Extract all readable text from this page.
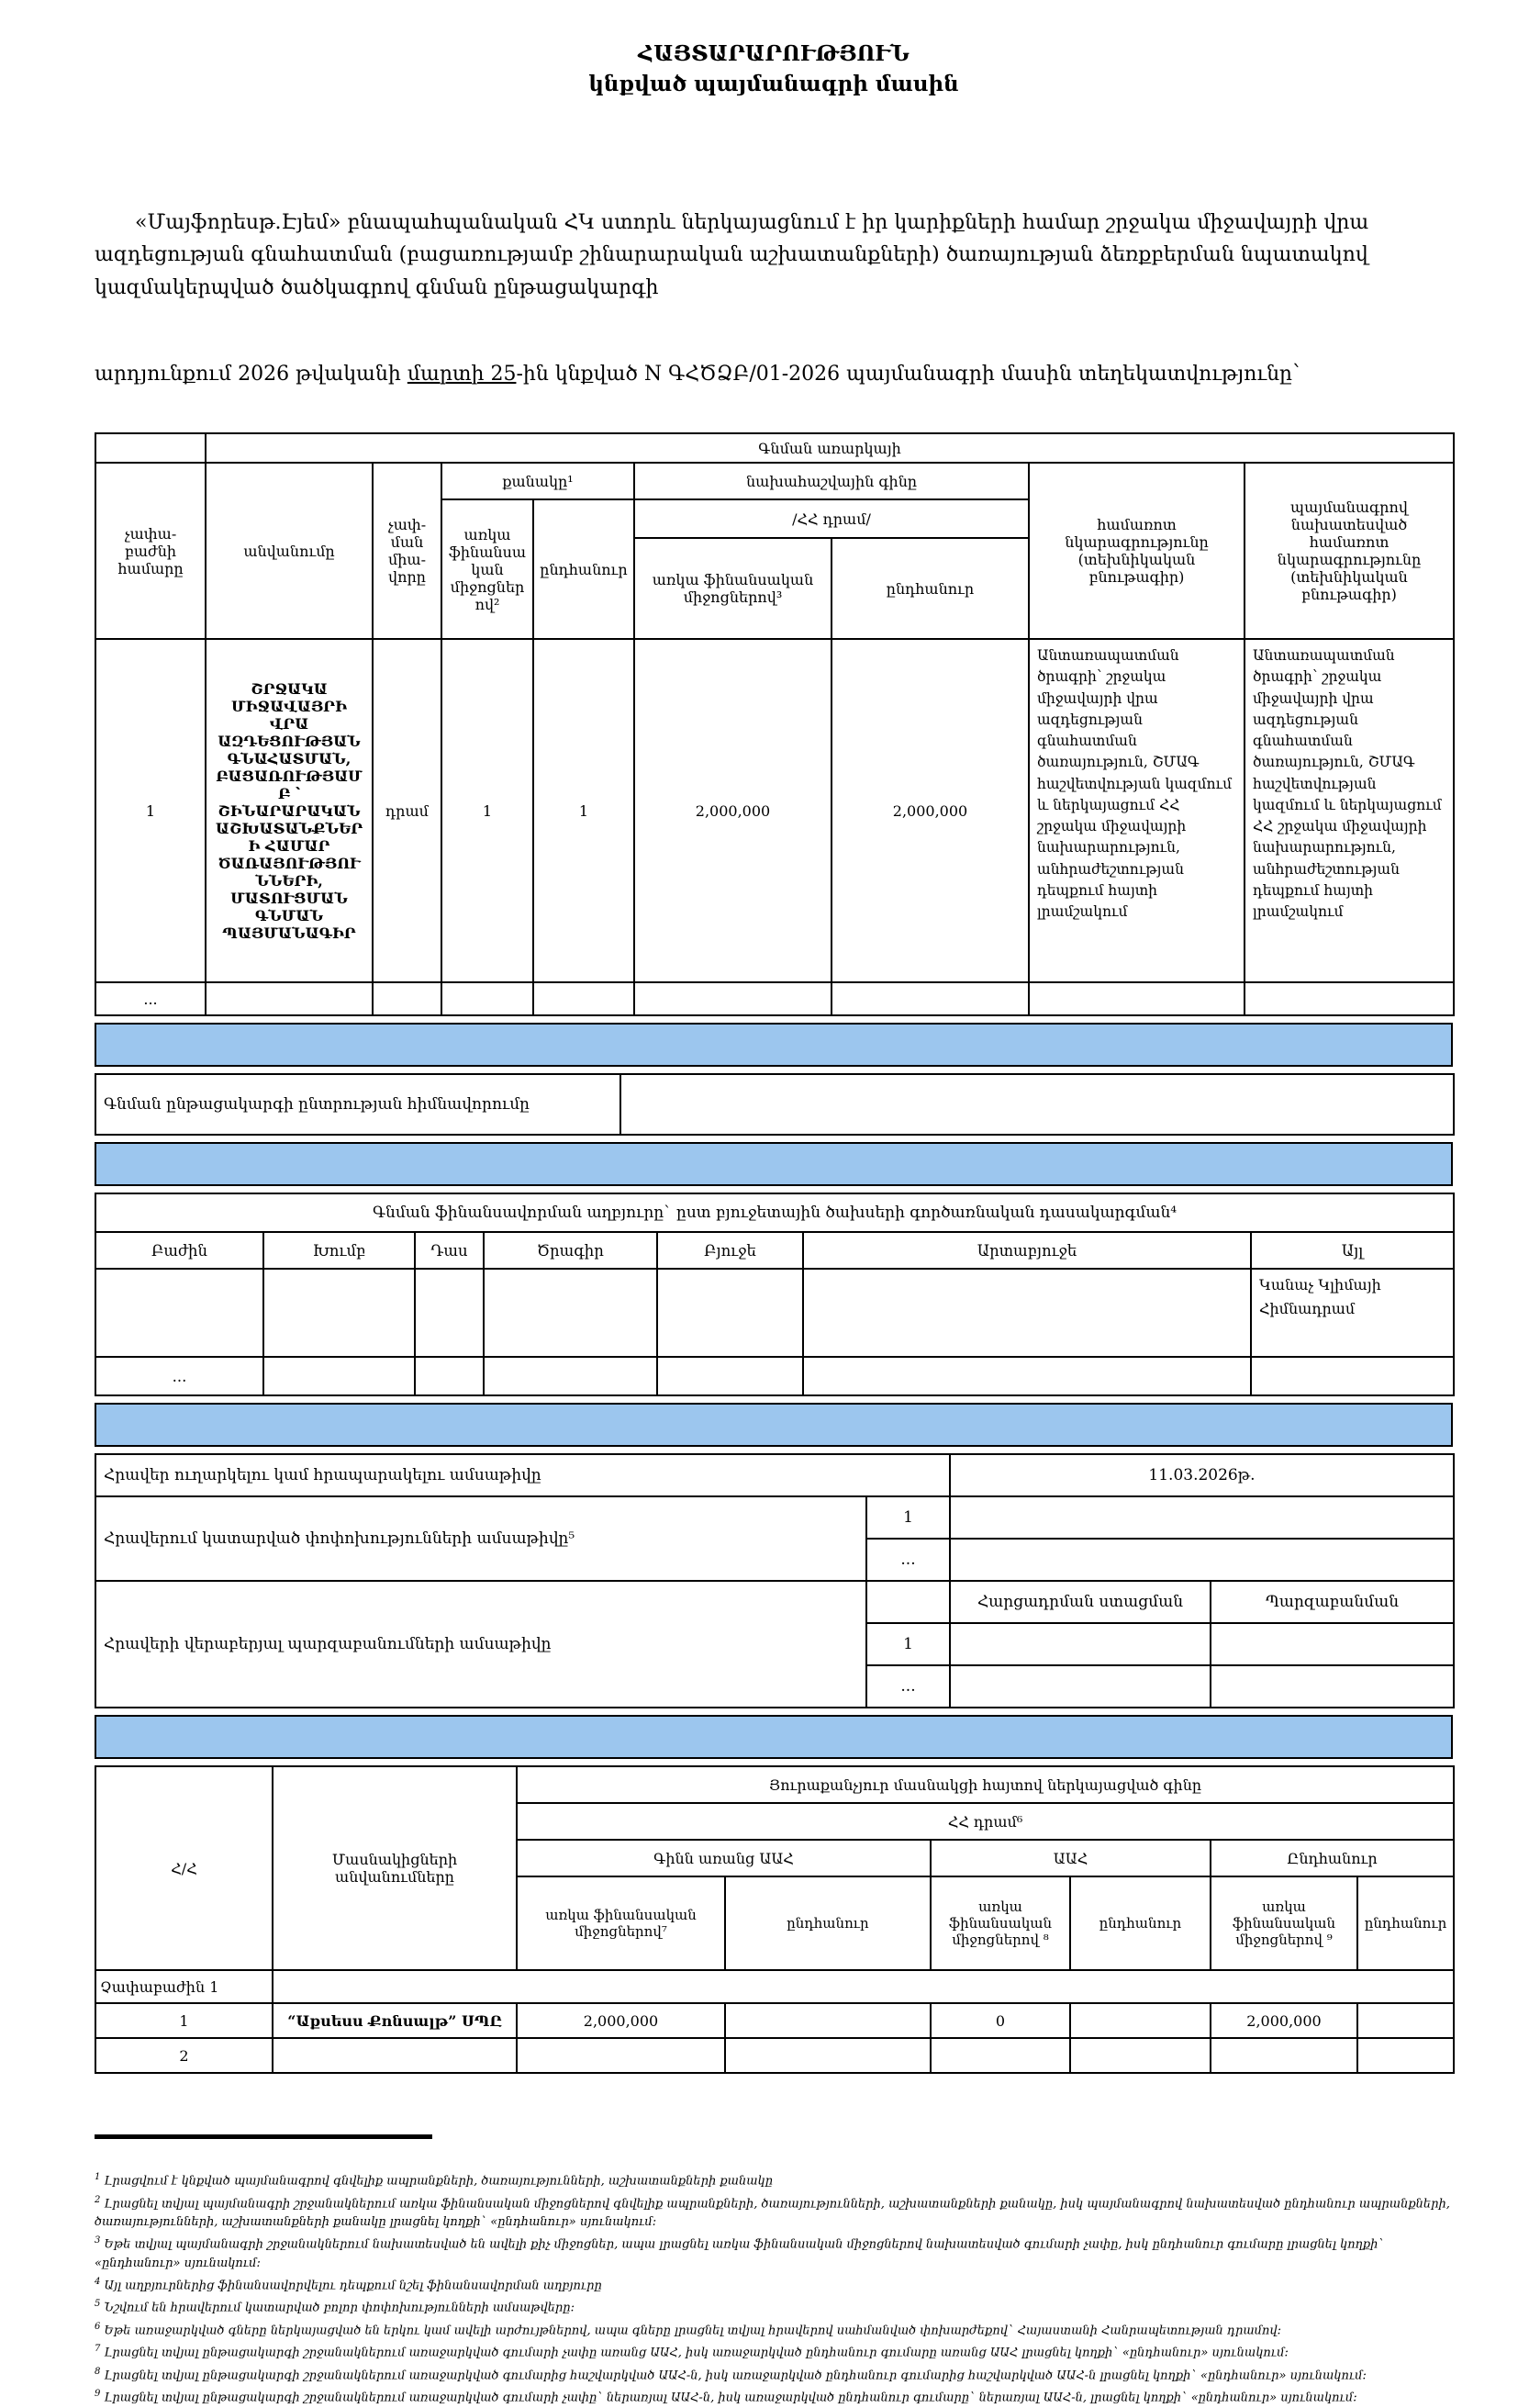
ՀԱՅՏԱՐԱՐՈՒԹՅՈՒՆ
կնքված պայմանագրի մասին

«Մայֆորեսթ.Էյեմ» բնապահպանական ՀԿ ստորև ներկայացնում է իր կարիքների համար շրջակա միջավայրի վրա ազդեցության գնահատման (բացառությամբ շինարարական աշխատանքների) ծառայության ձեռքբերման նպատակով կազմակերպված ծածկագրով գնման ընթացակարգի

արդյունքում 2026 թվականի մարտի 25-ին կնքված N ԳՀԾՁԲ/01-2026 պայմանագրի մասին տեղեկատվությունը`

	Գնման առարկայի							
չափա-բաժնի համարը	անվանումը	չափ-ման միա-վորը	քանակը¹		նախահաշվային գինը		համառոտ նկարագրությունը (տեխնիկական բնութագիր)	պայմանագրով նախատեսված համառոտ նկարագրությունը (տեխնիկական բնութագիր)
			առկա ֆինանսական միջոցներով²	ընդհանուր	/ՀՀ դրամ/			
					առկա ֆինանսական միջոցներով³	ընդհանուր		
1	ՇՐՋԱԿԱ ՄԻՋԱՎԱՅՐԻ ՎՐԱ ԱԶԴԵՑՈՒԹՅԱՆ ԳՆԱՀԱՏՄԱՆ, ԲԱՑԱՌՈՒԹՅԱՄԲ ՝ ՇԻՆԱՐԱՐԱԿԱՆ ԱՇԽԱՏԱՆՔՆԵՐԻ ՀԱՄԱՐ ԾԱՌԱՅՈՒԹՅՈՒՆՆԵՐԻ, ՄԱՏՈՒՑՄԱՆ ԳՆՄԱՆ ՊԱՅՄԱՆԱԳԻՐ	դրամ	1	1	2,000,000	2,000,000	Անտառապատման ծրագրի՝ շրջակա միջավայրի վրա ազդեցության գնահատման ծառայություն, ՇՄԱԳ հաշվետվության կազմում և ներկայացում ՀՀ շրջակա միջավայրի նախարարություն, անհրաժեշտության դեպքում հայտի լրամշակում	Անտառապատման ծրագրի՝ շրջակա միջավայրի վրա ազդեցության գնահատման ծառայություն, ՇՄԱԳ հաշվետվության կազմում և ներկայացում ՀՀ շրջակա միջավայրի նախարարություն, անհրաժեշտության դեպքում հայտի լրամշակում
...								
Գնման ընթացակարգի ընտրության հիմնավորումը	
Գնման ֆինանսավորման աղբյուրը` ըստ բյուջետային ծախսերի գործառնական դասակարգման⁴						
Բաժին	Խումբ	Դաս	Ծրագիր	Բյուջե	Արտաբյուջե	Այլ
						Կանաչ Կլիմայի Հիմնադրամ
...						
Հրավեր ուղարկելու կամ հրապարակելու ամսաթիվը		11.03.2026թ.	
Հրավերում կատարված փոփոխությունների ամսաթիվը⁵	1		
	...		
Հրավերի վերաբերյալ պարզաբանումների ամսաթիվը		Հարցադրման ստացման	Պարզաբանման
	1		
	...		
Հ/Հ	Մասնակիցների անվանումները	Յուրաքանչյուր մասնակցի հայտով ներկայացված գինը					
		ՀՀ դրամ⁶					
		Գինն առանց ԱԱՀ		ԱԱՀ		Ընդհանուր	
		առկա ֆինանսական միջոցներով⁷	ընդհանուր	առկա ֆինանսական միջոցներով ⁸	ընդհանուր	առկա ֆինանսական միջոցներով ⁹	ընդհանուր
Չափաբաժին 1							
1	“Աքսեսս Քոնսալթ” ՍՊԸ	2,000,000		0		2,000,000	
2							

$^1$ Լրացվում է կնքված պայմանագրով գնվելիք ապրանքների, ծառայությունների, աշխատանքների քանակը

$^2$ Լրացնել տվյալ պայմանագրի շրջանակներում առկա ֆինանսական միջոցներով գնվելիք ապրանքների, ծառայությունների, աշխատանքների քանակը, իսկ պայմանագրով նախատեսված ընդհանուր ապրանքների, ծառայությունների, աշխատանքների քանակը լրացնել կողքի` «ընդհանուր» սյունակում:

$^3$ Եթե տվյալ պայմանագրի շրջանակներում նախատեսված են ավելի քիչ միջոցներ, ապա լրացնել առկա ֆինանսական միջոցներով նախատեսված գումարի չափը, իսկ ընդհանուր գումարը լրացնել կողքի` «ընդհանուր» սյունակում:

$^4$ Այլ աղբյուրներից ֆինանսավորվելու դեպքում նշել ֆինանսավորման աղբյուրը

$^5$ Նշվում են հրավերում կատարված բոլոր փոփոխությունների ամսաթվերը:

$^6$ Եթե առաջարկված գները ներկայացված են երկու կամ ավելի արժույթներով, ապա գները լրացնել տվյալ հրավերով սահմանված փոխարժեքով` Հայաստանի Հանրապետության դրամով:

$^7$ Լրացնել տվյալ ընթացակարգի շրջանակներում առաջարկված գումարի չափը առանց ԱԱՀ, իսկ առաջարկված ընդհանուր գումարը առանց ԱԱՀ լրացնել կողքի` «ընդհանուր» սյունակում:

$^8$ Լրացնել տվյալ ընթացակարգի շրջանակներում առաջարկված գումարից հաշվարկված ԱԱՀ-ն, իսկ առաջարկված ընդհանուր գումարից հաշվարկված ԱԱՀ-ն լրացնել կողքի` «ընդհանուր» սյունակում:

$^9$ Լրացնել տվյալ ընթացակարգի շրջանակներում առաջարկված գումարի չափը` ներառյալ ԱԱՀ-ն, իսկ առաջարկված ընդհանուր գումարը` ներառյալ ԱԱՀ-ն, լրացնել կողքի` «ընդհանուր» սյունակում:
